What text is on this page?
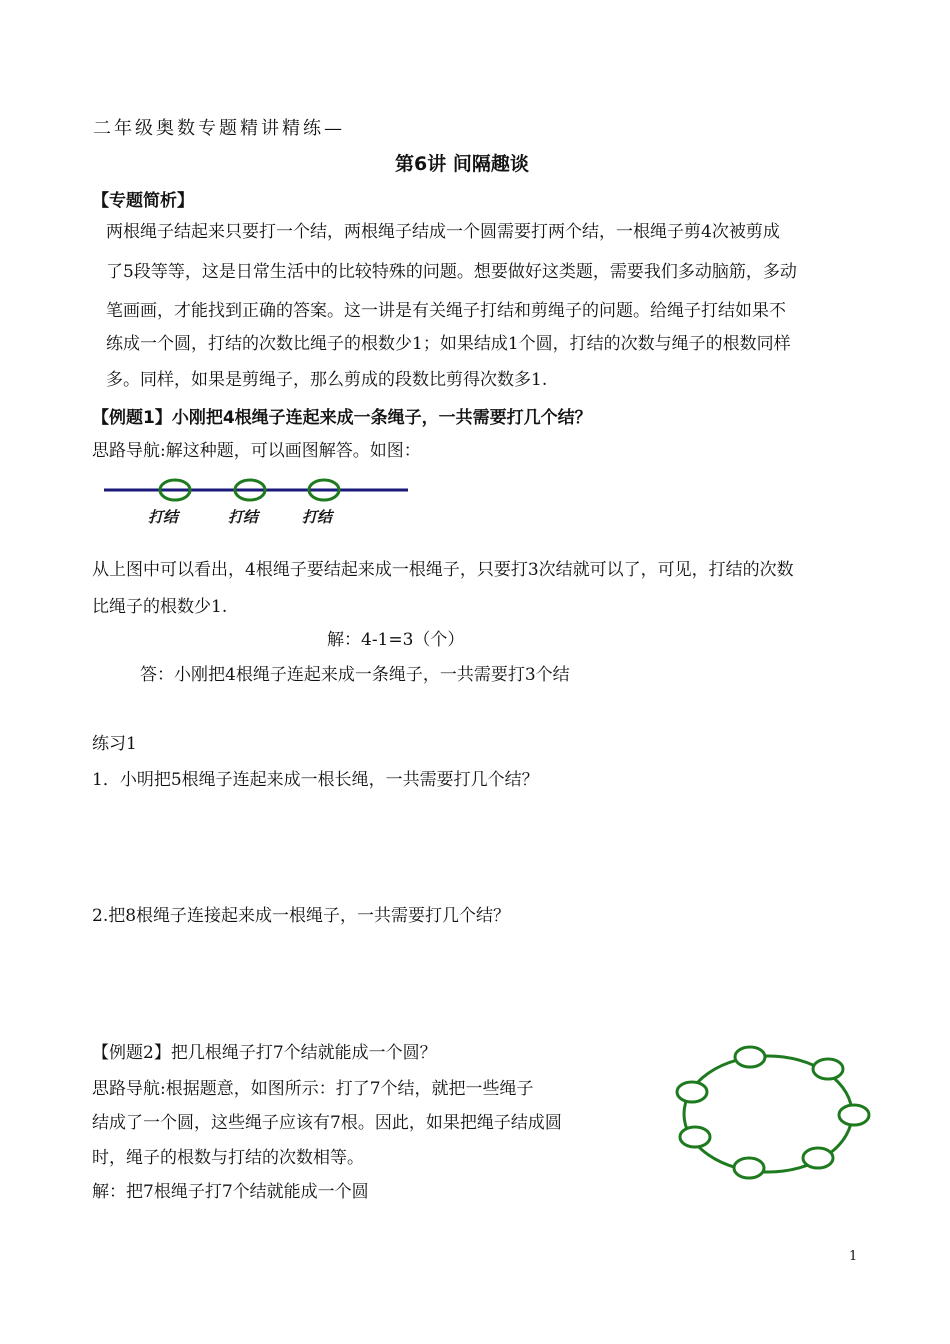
二年级奥数专题精讲精练—
第6讲 间隔趣谈
【专题简析】
两根绳子结起来只要打一个结，两根绳子结成一个圆需要打两个结，一根绳子剪4次被剪成
了5段等等，这是日常生活中的比较特殊的问题。想要做好这类题，需要我们多动脑筋，多动
笔画画，才能找到正确的答案。这一讲是有关绳子打结和剪绳子的问题。给绳子打结如果不
练成一个圆，打结的次数比绳子的根数少1；如果结成1个圆，打结的次数与绳子的根数同样
多。同样，如果是剪绳子，那么剪成的段数比剪得次数多1.
【例题1】小刚把4根绳子连起来成一条绳子，一共需要打几个结？
思路导航:解这种题，可以画图解答。如图：
打结	打结	打结
从上图中可以看出，4根绳子要结起来成一根绳子，只要打3次结就可以了，可见，打结的次数
比绳子的根数少1.
解：4-1=3（个）
答：小刚把4根绳子连起来成一条绳子，一共需要打3个结
练习1
1．小明把5根绳子连起来成一根长绳，一共需要打几个结？
2.把8根绳子连接起来成一根绳子，一共需要打几个结？
【例题2】把几根绳子打7个结就能成一个圆？
思路导航:根据题意，如图所示：打了7个结，就把一些绳子
结成了一个圆，这些绳子应该有7根。因此，如果把绳子结成圆
时，绳子的根数与打结的次数相等。
解：把7根绳子打7个结就能成一个圆
1
